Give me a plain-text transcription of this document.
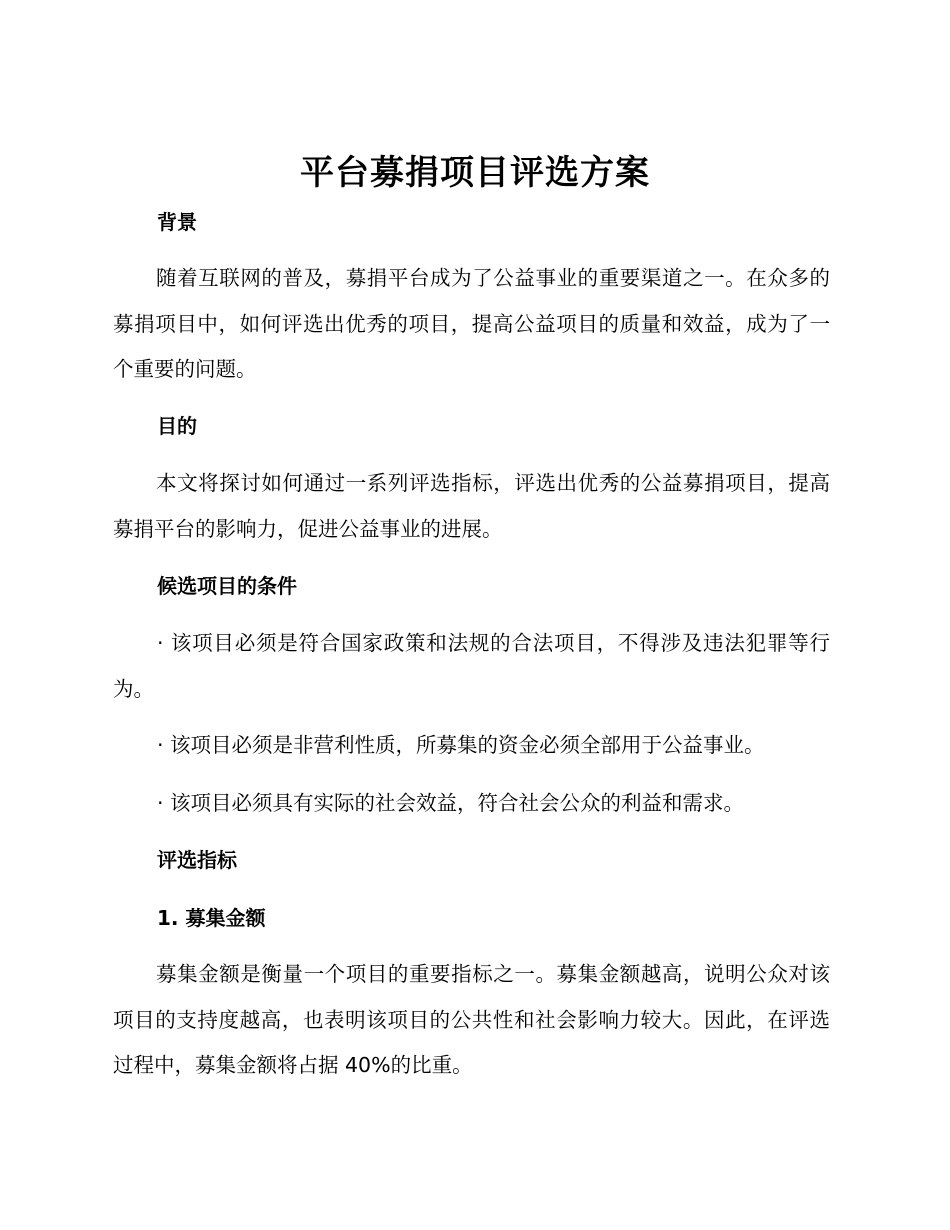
平台募捐项目评选方案
背景

随着互联网的普及，募捐平台成为了公益事业的重要渠道之一。在众多的募捐项目中，如何评选出优秀的项目，提高公益项目的质量和效益，成为了一个重要的问题。

目的

本文将探讨如何通过一系列评选指标，评选出优秀的公益募捐项目，提高募捐平台的影响力，促进公益事业的进展。

候选项目的条件

· 该项目必须是符合国家政策和法规的合法项目，不得涉及违法犯罪等行为。

· 该项目必须是非营利性质，所募集的资金必须全部用于公益事业。

· 该项目必须具有实际的社会效益，符合社会公众的利益和需求。

评选指标
1. 募集金额

募集金额是衡量一个项目的重要指标之一。募集金额越高，说明公众对该项目的支持度越高，也表明该项目的公共性和社会影响力较大。因此，在评选过程中，募集金额将占据 40%的比重。
